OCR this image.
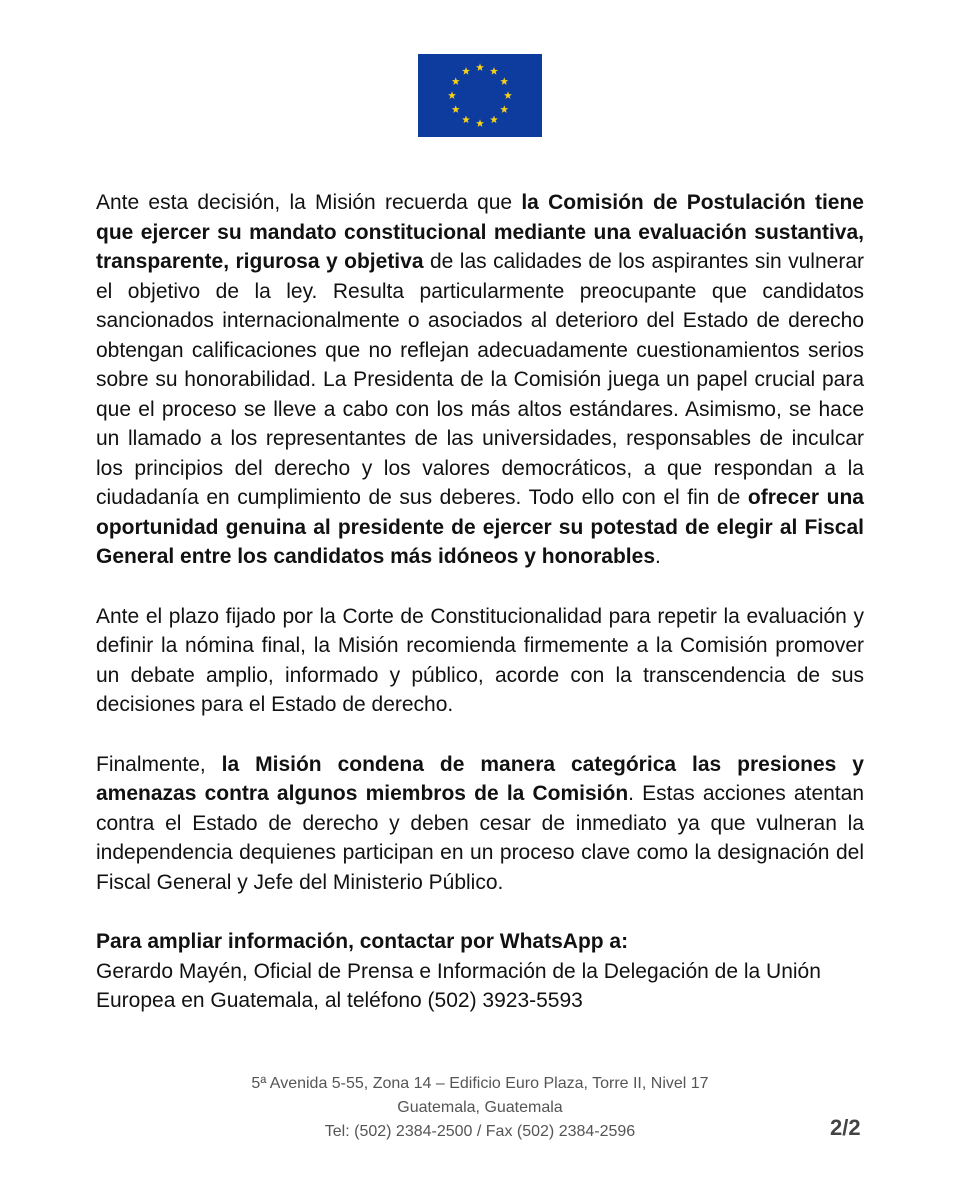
Ante esta decisión, la Misión recuerda que la Comisión de Postulación tiene que ejercer su mandato constitucional mediante una evaluación sustantiva, transparente, rigurosa y objetiva de las calidades de los aspirantes sin vulnerar el objetivo de la ley. Resulta particularmente preocupante que candidatos sancionados internacionalmente o asociados al deterioro del Estado de derecho obtengan calificaciones que no reflejan adecuadamente cuestionamientos serios sobre su honorabilidad. La Presidenta de la Comisión juega un papel crucial para que el proceso se lleve a cabo con los más altos estándares. Asimismo, se hace un llamado a los representantes de las universidades, responsables de inculcar los principios del derecho y los valores democráticos, a que respondan a la ciudadanía en cumplimiento de sus deberes. Todo ello con el fin de ofrecer una oportunidad genuina al presidente de ejercer su potestad de elegir al Fiscal General entre los candidatos más idóneos y honorables.

Ante el plazo fijado por la Corte de Constitucionalidad para repetir la evaluación y definir la nómina final, la Misión recomienda firmemente a la Comisión promover un debate amplio, informado y público, acorde con la transcendencia de sus decisiones para el Estado de derecho.

Finalmente, la Misión condena de manera categórica las presiones y amenazas contra algunos miembros de la Comisión. Estas acciones atentan contra el Estado de derecho y deben cesar de inmediato ya que vulneran la independencia dequienes participan en un proceso clave como la designación del Fiscal General y Jefe del Ministerio Público.

Para ampliar información, contactar por WhatsApp a:
Gerardo Mayén, Oficial de Prensa e Información de la Delegación de la Unión Europea en Guatemala, al teléfono (502) 3923-5593
5ª Avenida 5-55, Zona 14 – Edificio Euro Plaza, Torre II, Nivel 17
Guatemala, Guatemala
Tel: (502) 2384-2500 / Fax (502) 2384-2596	2/2
